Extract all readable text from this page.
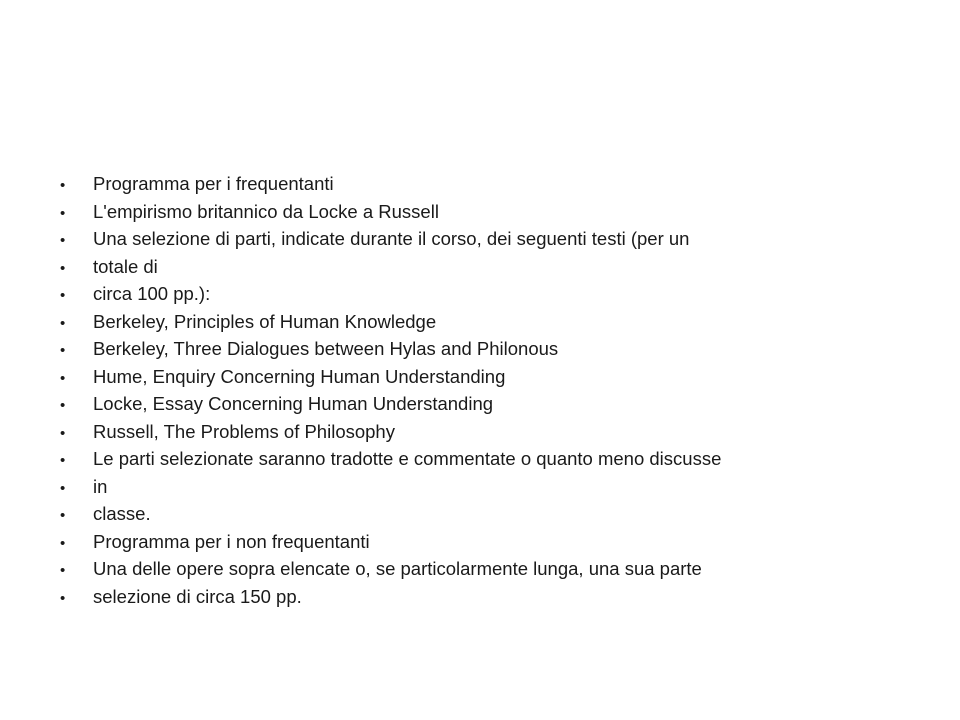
•	Programma per i frequentanti
•	L'empirismo britannico da Locke a Russell
•	Una selezione di parti, indicate durante il corso, dei seguenti testi (per un
•	totale di
•	circa 100 pp.):
•	Berkeley, Principles of Human Knowledge
•	Berkeley, Three Dialogues between Hylas and Philonous
•	Hume, Enquiry Concerning Human Understanding
•	Locke, Essay Concerning Human Understanding
•	Russell, The Problems of Philosophy
•	Le parti selezionate saranno tradotte e commentate o quanto meno discusse
•	in
•	classe.
•	Programma per i non frequentanti
•	Una delle opere sopra elencate o, se particolarmente lunga, una sua parte
•	selezione di circa 150 pp.
